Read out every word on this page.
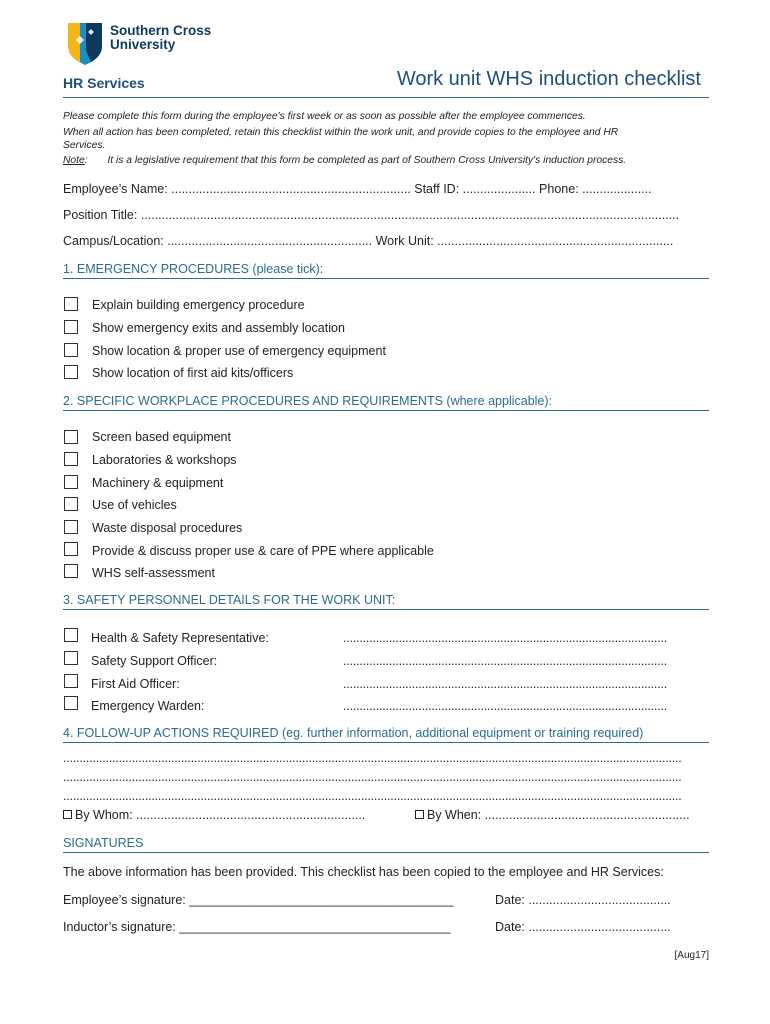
Southern Cross
University
HR Services	Work unit WHS induction checklist
Please complete this form during the employee's first week or as soon as possible after the employee commences.
When all action has been completed, retain this checklist within the work unit, and provide copies to the employee and HR
Services.
Note: It is a legislative requirement that this form be completed as part of Southern Cross University's induction process.
Employee’s Name: ..................................................................... Staff ID: ..................... Phone: ....................
Position Title: ...........................................................................................................................................................
Campus/Location: ........................................................... Work Unit: ....................................................................
1. EMERGENCY PROCEDURES (please tick):
Explain building emergency procedure
Show emergency exits and assembly location
Show location & proper use of emergency equipment
Show location of first aid kits/officers
2. SPECIFIC WORKPLACE PROCEDURES AND REQUIREMENTS (where applicable):
Screen based equipment
Laboratories & workshops
Machinery & equipment
Use of vehicles
Waste disposal procedures
Provide & discuss proper use & care of PPE where applicable
WHS self-assessment
3. SAFETY PERSONNEL DETAILS FOR THE WORK UNIT:
Health & Safety Representative:	...................................................................................................
Safety Support Officer:	...................................................................................................
First Aid Officer:	...................................................................................................
Emergency Warden:	...................................................................................................
4. FOLLOW-UP ACTIONS REQUIRED (eg. further information, additional equipment or training required)
.............................................................................................................................................................................................
.............................................................................................................................................................................................
.............................................................................................................................................................................................
By Whom: ..................................................................	By When: ...........................................................
SIGNATURES
The above information has been provided. This checklist has been copied to the employee and HR Services:
Employee’s signature: ______________________________________	Date: .........................................
Inductor’s signature: _______________________________________	Date: .........................................
[Aug17]
